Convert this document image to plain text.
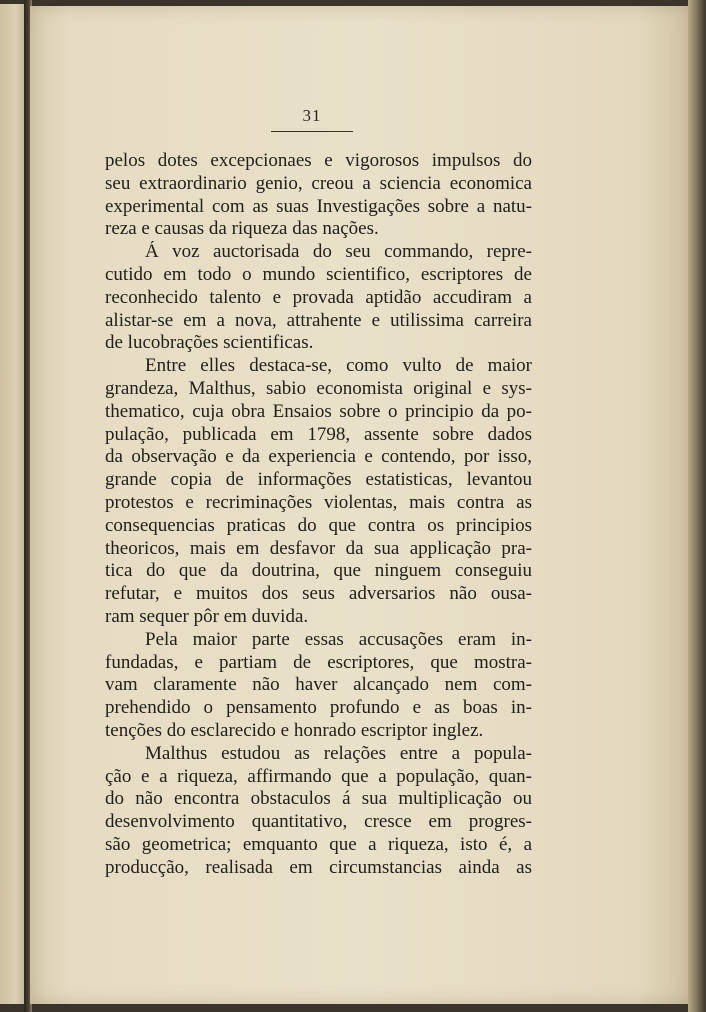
31
pelos dotes excepcionaes e vigorosos impulsos do
seu extraordinario genio, creou a sciencia economica
experimental com as suas Investigações sobre a natu-
reza e causas da riqueza das nações.
Á voz auctorisada do seu commando, repre-
cutido em todo o mundo scientifico, escriptores de
reconhecido talento e provada aptidão accudiram a
alistar-se em a nova, attrahente e utilissima carreira
de lucobrações scientificas.
Entre elles destaca-se, como vulto de maior
grandeza, Malthus, sabio economista original e sys-
thematico, cuja obra Ensaios sobre o principio da po-
pulação, publicada em 1798, assente sobre dados
da observação e da experiencia e contendo, por isso,
grande copia de informações estatisticas, levantou
protestos e recriminações violentas, mais contra as
consequencias praticas do que contra os principios
theoricos, mais em desfavor da sua applicação pra-
tica do que da doutrina, que ninguem conseguiu
refutar, e muitos dos seus adversarios não ousa-
ram sequer pôr em duvida.
Pela maior parte essas accusações eram in-
fundadas, e partiam de escriptores, que mostra-
vam claramente não haver alcançado nem com-
prehendido o pensamento profundo e as boas in-
tenções do esclarecido e honrado escriptor inglez.
Malthus estudou as relações entre a popula-
ção e a riqueza, affirmando que a população, quan-
do não encontra obstaculos á sua multiplicação ou
desenvolvimento quantitativo, cresce em progres-
são geometrica; emquanto que a riqueza, isto é, a
producção, realisada em circumstancias ainda as
